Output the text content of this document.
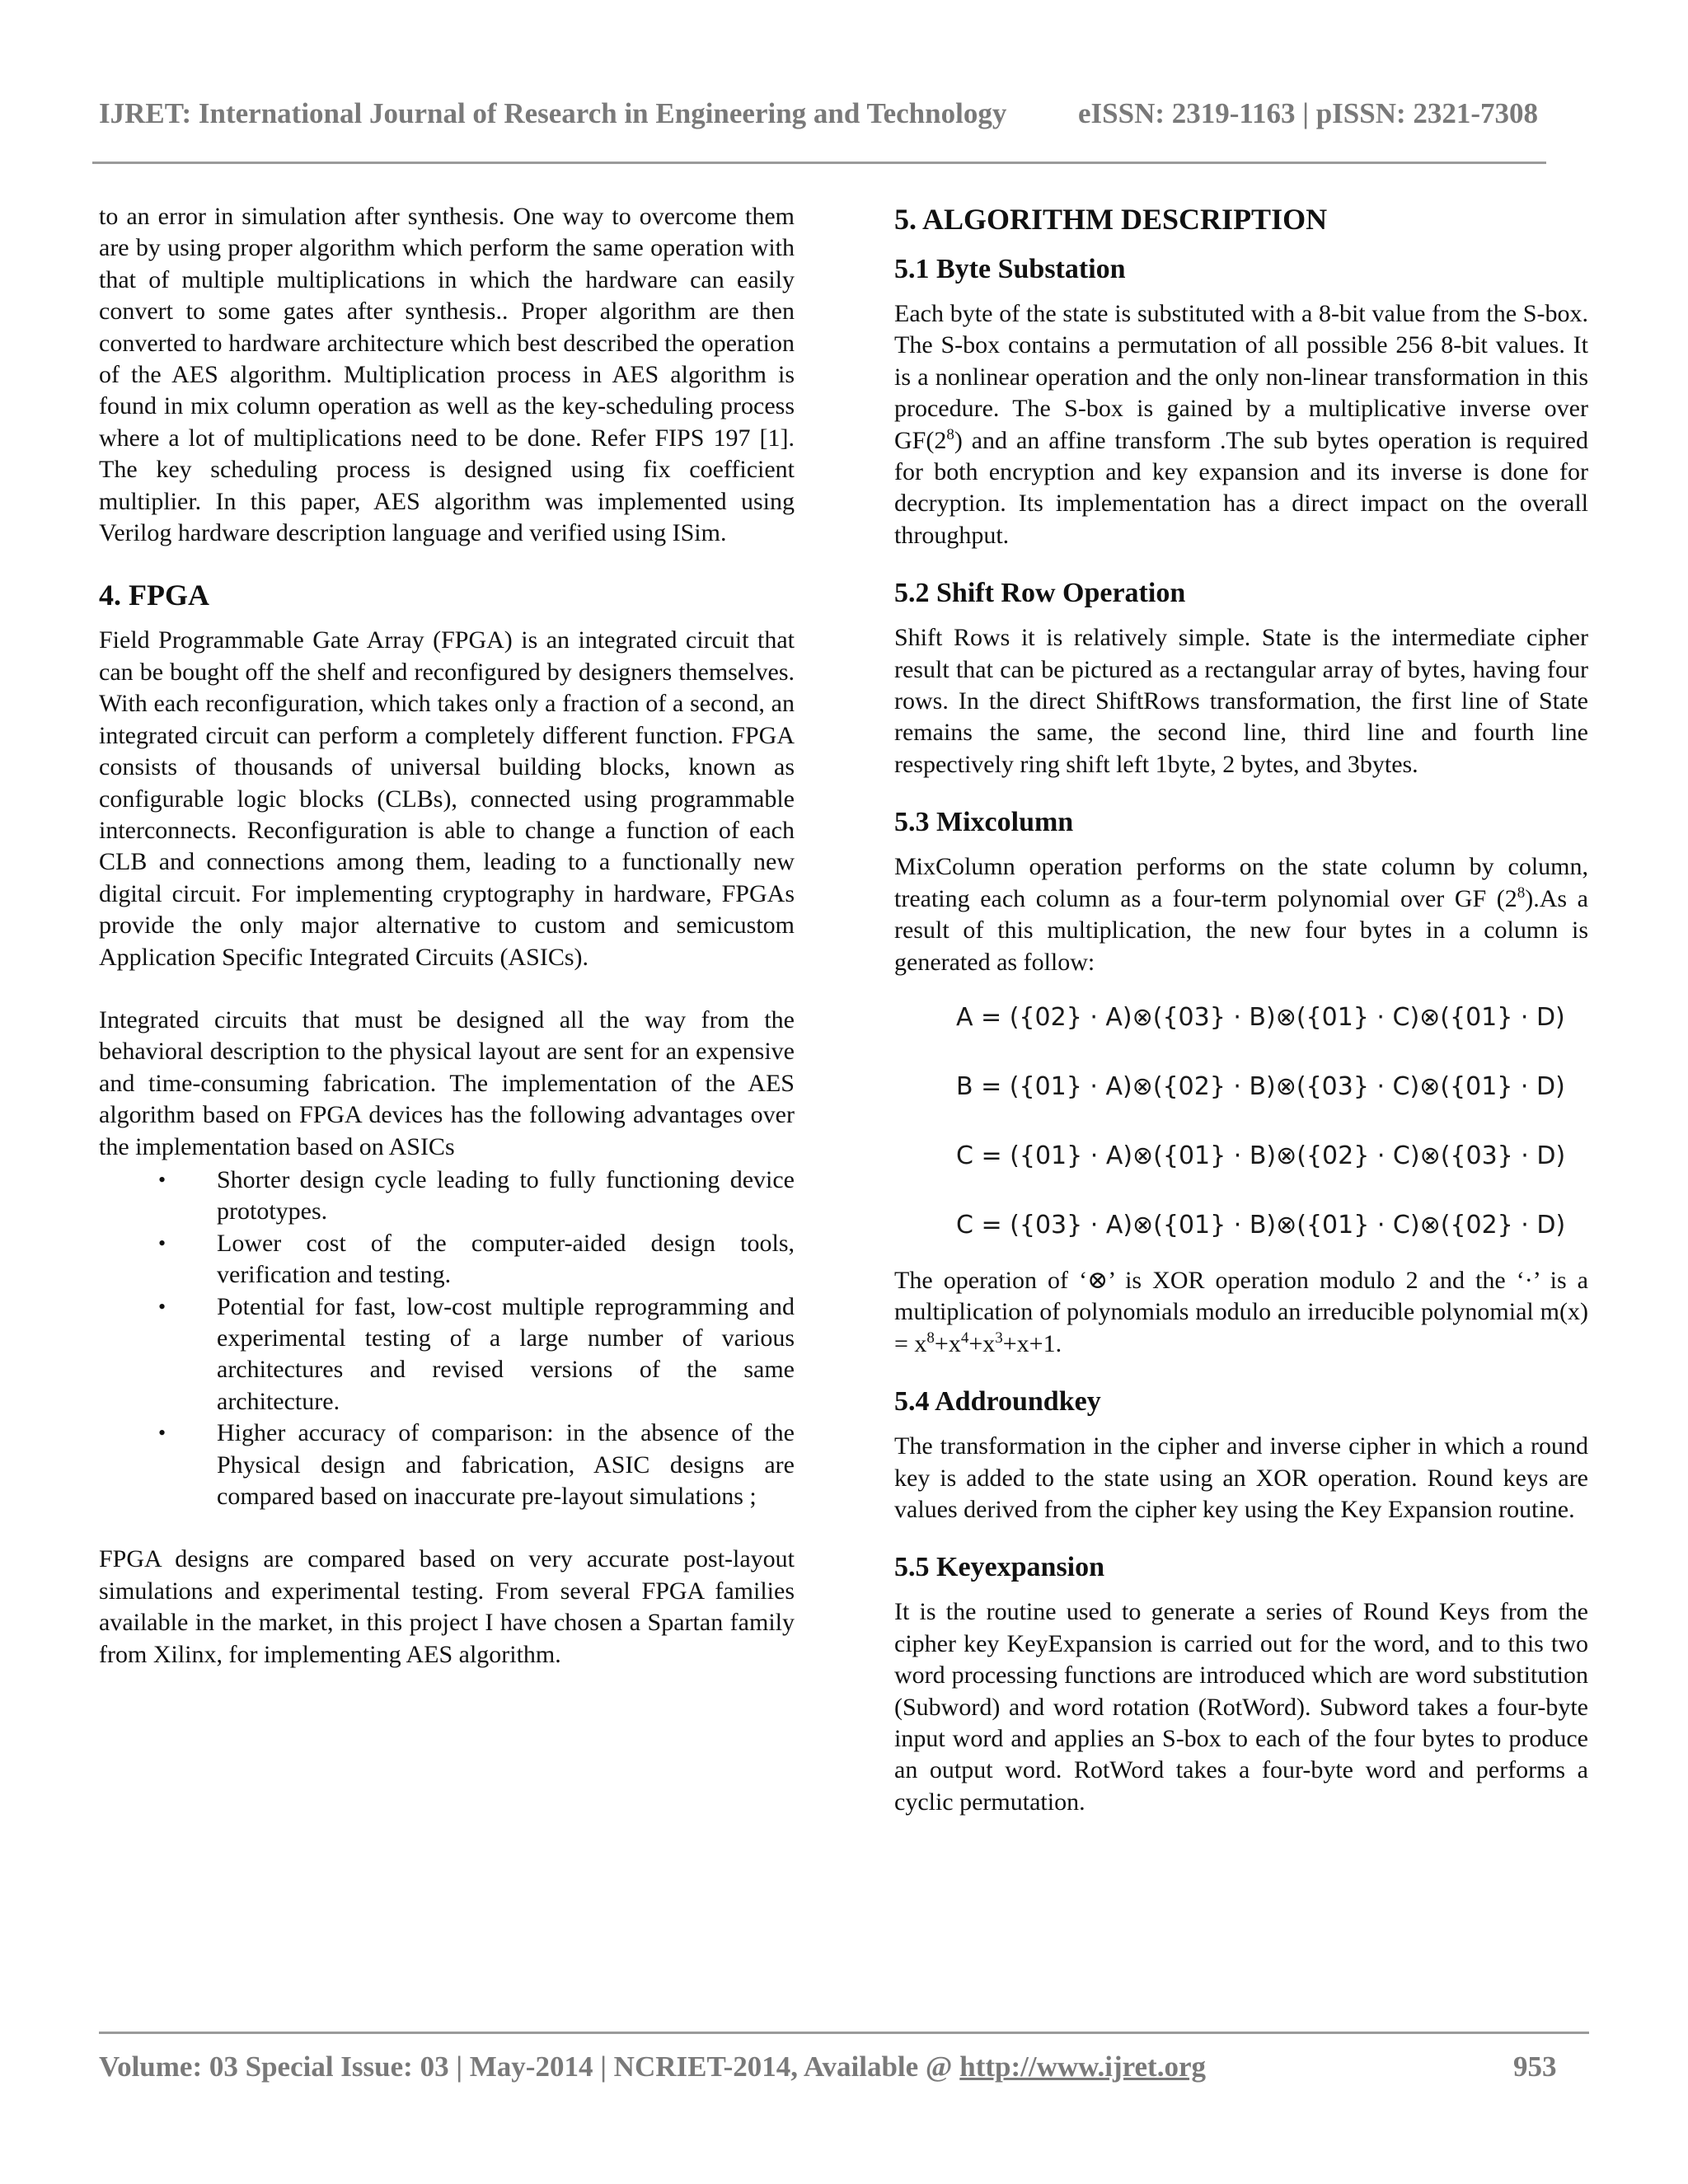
IJRET: International Journal of Research in Engineering and Technology eISSN: 2319-1163 | pISSN: 2321-7308

to an error in simulation after synthesis. One way to overcome them are by using proper algorithm which perform the same operation with that of multiple multiplications in which the hardware can easily convert to some gates after synthesis.. Proper algorithm are then converted to hardware architecture which best described the operation of the AES algorithm. Multiplication process in AES algorithm is found in mix column operation as well as the key-scheduling process where a lot of multiplications need to be done. Refer FIPS 197 [1]. The key scheduling process is designed using fix coefficient multiplier. In this paper, AES algorithm was implemented using Verilog hardware description language and verified using ISim.

4. FPGA

Field Programmable Gate Array (FPGA) is an integrated circuit that can be bought off the shelf and reconfigured by designers themselves. With each reconfiguration, which takes only a fraction of a second, an integrated circuit can perform a completely different function. FPGA consists of thousands of universal building blocks, known as configurable logic blocks (CLBs), connected using programmable interconnects. Reconfiguration is able to change a function of each CLB and connections among them, leading to a functionally new digital circuit. For implementing cryptography in hardware, FPGAs provide the only major alternative to custom and semicustom Application Specific Integrated Circuits (ASICs).

Integrated circuits that must be designed all the way from the behavioral description to the physical layout are sent for an expensive and time-consuming fabrication. The implementation of the AES algorithm based on FPGA devices has the following advantages over the implementation based on ASICs

• Shorter design cycle leading to fully functioning device prototypes.
• Lower cost of the computer-aided design tools, verification and testing.
• Potential for fast, low-cost multiple reprogramming and experimental testing of a large number of various architectures and revised versions of the same architecture.
• Higher accuracy of comparison: in the absence of the Physical design and fabrication, ASIC designs are compared based on inaccurate pre-layout simulations ;

FPGA designs are compared based on very accurate post-layout simulations and experimental testing. From several FPGA families available in the market, in this project I have chosen a Spartan family from Xilinx, for implementing AES algorithm.

5. ALGORITHM DESCRIPTION
5.1 Byte Substation

Each byte of the state is substituted with a 8-bit value from the S-box. The S-box contains a permutation of all possible 256 8-bit values. It is a nonlinear operation and the only non-linear transformation in this procedure. The S-box is gained by a multiplicative inverse over $GF(2^8)$ and an affine transform .The sub bytes operation is required for both encryption and key expansion and its inverse is done for decryption. Its implementation has a direct impact on the overall throughput.

5.2 Shift Row Operation

Shift Rows it is relatively simple. State is the intermediate cipher result that can be pictured as a rectangular array of bytes, having four rows. In the direct ShiftRows transformation, the first line of State remains the same, the second line, third line and fourth line respectively ring shift left 1byte, 2 bytes, and 3bytes.

5.3 Mixcolumn

MixColumn operation performs on the state column by column, treating each column as a four-term polynomial over GF $(2^8).As$ a result of this multiplication, the new four bytes in a column is generated as follow:

A = ({02} · A)⊗({03} · B)⊗({01} · C)⊗({01} · D)
B = ({01} · A)⊗({02} · B)⊗({03} · C)⊗({01} · D)
C = ({01} · A)⊗({01} · B)⊗({02} · C)⊗({03} · D)
C = ({03} · A)⊗({01} · B)⊗({01} · C)⊗({02} · D)

The operation of ‘⊗’ is XOR operation modulo 2 and the ‘·’ is a multiplication of polynomials modulo an irreducible polynomial $m(x) = x^8+x^4+x^3+x+1$.

5.4 Addroundkey

The transformation in the cipher and inverse cipher in which a round key is added to the state using an XOR operation. Round keys are values derived from the cipher key using the Key Expansion routine.

5.5 Keyexpansion

It is the routine used to generate a series of Round Keys from the cipher key KeyExpansion is carried out for the word, and to this two word processing functions are introduced which are word substitution (Subword) and word rotation (RotWord). Subword takes a four-byte input word and applies an S-box to each of the four bytes to produce an output word. RotWord takes a four-byte word and performs a cyclic permutation.

Volume: 03 Special Issue: 03 | May-2014 | NCRIET-2014, Available @ http://www.ijret.org	953
